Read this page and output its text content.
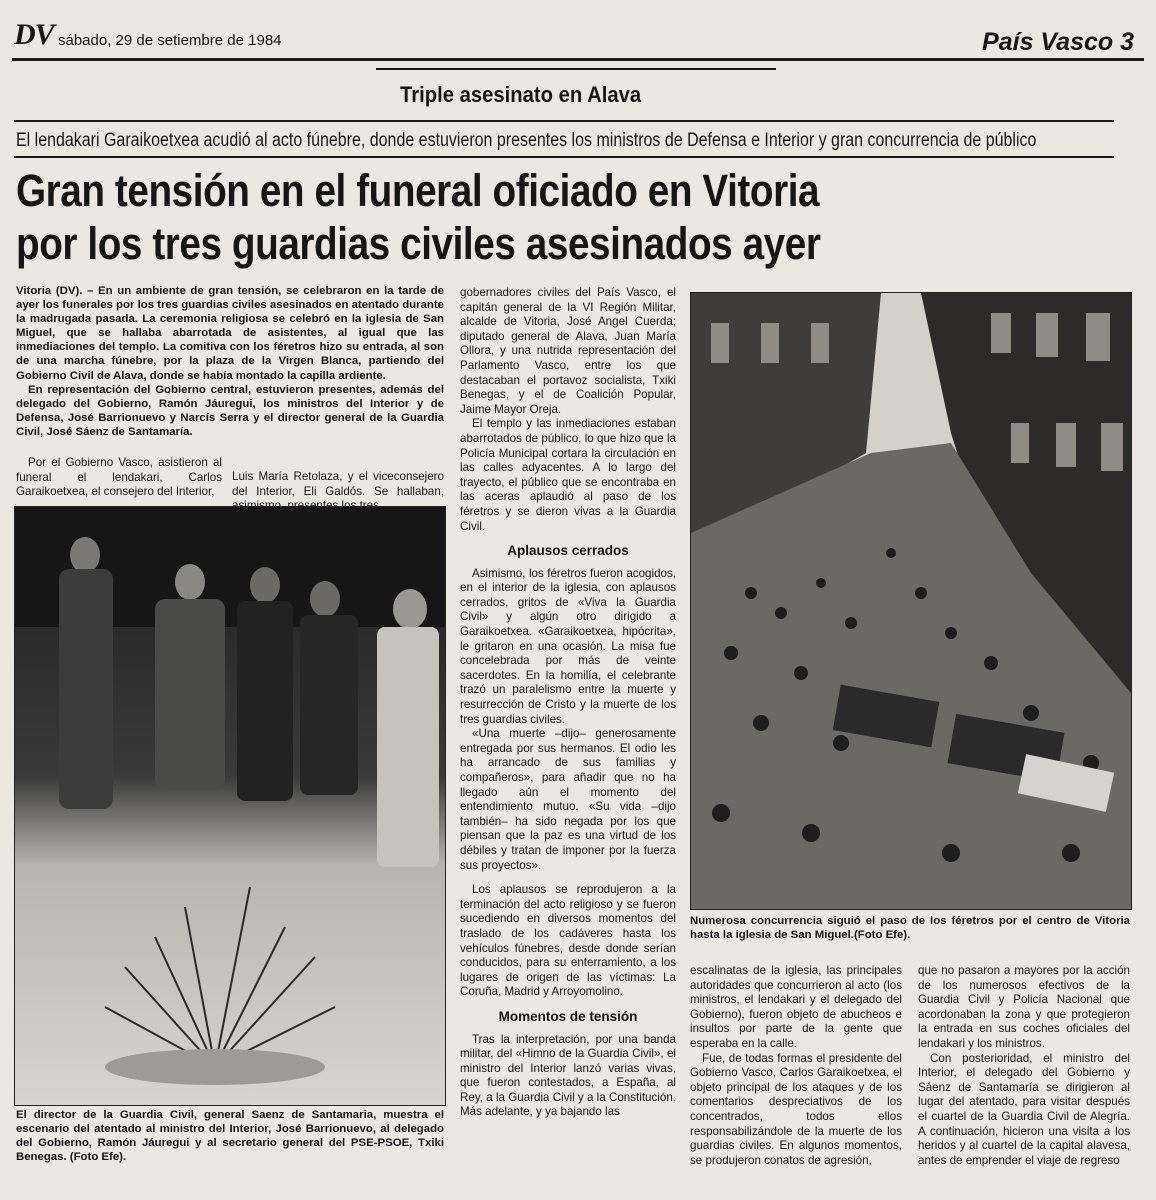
DV sábado, 29 de setiembre de 1984	País Vasco 3
Triple asesinato en Alava
El lendakari Garaikoetxea acudió al acto fúnebre, donde estuvieron presentes los ministros de Defensa e Interior y gran concurrencia de público
Gran tensión en el funeral oficiado en Vitoria
por los tres guardias civiles asesinados ayer

Vitoria (DV). – En un ambiente de gran tensión, se celebraron en la tarde de ayer los funerales por los tres guardias civiles asesinados en atentado durante la madrugada pasada. La ceremonia religiosa se celebró en la iglesia de San Miguel, que se hallaba abarrotada de asistentes, al igual que las inmediaciones del templo. La comitiva con los féretros hizo su entrada, al son de una marcha fúnebre, por la plaza de la Virgen Blanca, partiendo del Gobierno Civil de Alava, donde se había montado la capilla ardiente.

En representación del Gobierno central, estuvieron presentes, además del delegado del Gobierno, Ramón Jáuregui, los ministros del Interior y de Defensa, José Barrionuevo y Narcís Serra y el director general de la Guardia Civil, José Sáenz de Santamaría.

Por el Gobierno Vasco, asistieron al funeral el lendakari, Carlos Garaikoetxea, el consejero del Interior,

Luis María Retolaza, y el viceconsejero del Interior, Eli Galdós. Se hallaban,

El director de la Guardia Civil, general Saenz de Santamaria, muestra el escenario del atentado al ministro del Interior, José Barrionuevo, al delegado del Gobierno, Ramón Jáuregui y al secretario general del PSE-PSOE, Txiki Benegas. (Foto Efe).

gobernadores civiles del País Vasco, el capitán general de la VI Región Militar, alcalde de Vitoria, José Angel Cuerda; diputado general de Alava, Juan María Ollora, y una nutrida representación del Parlamento Vasco, entre los que destacaban el portavoz socialista, Txiki Benegas, y el de Coalición Popular, Jaime Mayor Oreja.

El templo y las inmediaciones estaban abarrotados de público, lo que hizo que la Policía Municipal cortara la circulación en las calles adyacentes. A lo largo del trayecto, el público que se encontraba en las aceras aplaudió al paso de los féretros y se dieron vivas a la Guardia Civil.

Aplausos cerrados

Asimismo, los féretros fueron acogidos, en el interior de la iglesia, con aplausos cerrados, gritos de «Viva la Guardia Civil» y algún otro dirigido a Garaikoetxea. «Garaikoetxea, hipócrita», le gritaron en una ocasión. La misa fue concelebrada por más de veinte sacerdotes. En la homilía, el celebrante trazó un paralelismo entre la muerte y resurrección de Cristo y la muerte de los tres guardias civiles.

«Una muerte –dijo– generosamente entregada por sus hermanos. El odio les ha arrancado de sus familias y compañeros», para añadir que no ha llegado aún el momento del entendimiento mutuo. «Su vida –dijo también– ha sido negada por los que piensan que la paz es una virtud de los débiles y tratan de imponer por la fuerza sus proyectos».

Los aplausos se reprodujeron a la terminación del acto religioso y se fueron sucediendo en diversos momentos del traslado de los cadáveres hasta los vehículos fúnebres, desde donde serían conducidos, para su enterramiento, a los lugares de origen de las víctimas: La Coruña, Madrid y Arroyomolino.

Momentos de tensión

Tras la interpretación, por una banda militar, del «Himno de la Guardia Civil», el ministro del Interior lanzó varias vivas, que fueron contestados, a España, al Rey, a la Guardia Civil y a la Constitución. Más adelante, y ya bajando las

Numerosa concurrencia siguió el paso de los féretros por el centro de Vitoria hasta la iglesia de San Miguel.(Foto Efe).

escalinatas de la iglesia, las principales autoridades que concurrieron al acto (los ministros, el lendakari y el delegado del Gobierno), fueron objeto de abucheos e insultos por parte de la gente que esperaba en la calle.

Fue, de todas formas el presidente del Gobierno Vasco, Carlos Garaikoetxea, el objeto principal de los ataques y de los comentarios despreciativos de los concentrados, todos ellos responsabilizándole de la muerte de los guardias civiles. En algunos momentos, se produjeron conatos de agresión,

que no pasaron a mayores por la acción de los numerosos efectivos de la Guardia Civil y Policía Nacional que acordonaban la zona y que protegieron la entrada en sus coches oficiales del lendakari y los ministros.

Con posterioridad, el ministro del Interior, el delegado del Gobierno y Sáenz de Santamaría se dirigieron al lugar del atentado, para visitar después el cuartel de la Guardia Civil de Alegría. A continuación, hicieron una visita a los heridos y al cuartel de la capital alavesa, antes de emprender el viaje de regreso
